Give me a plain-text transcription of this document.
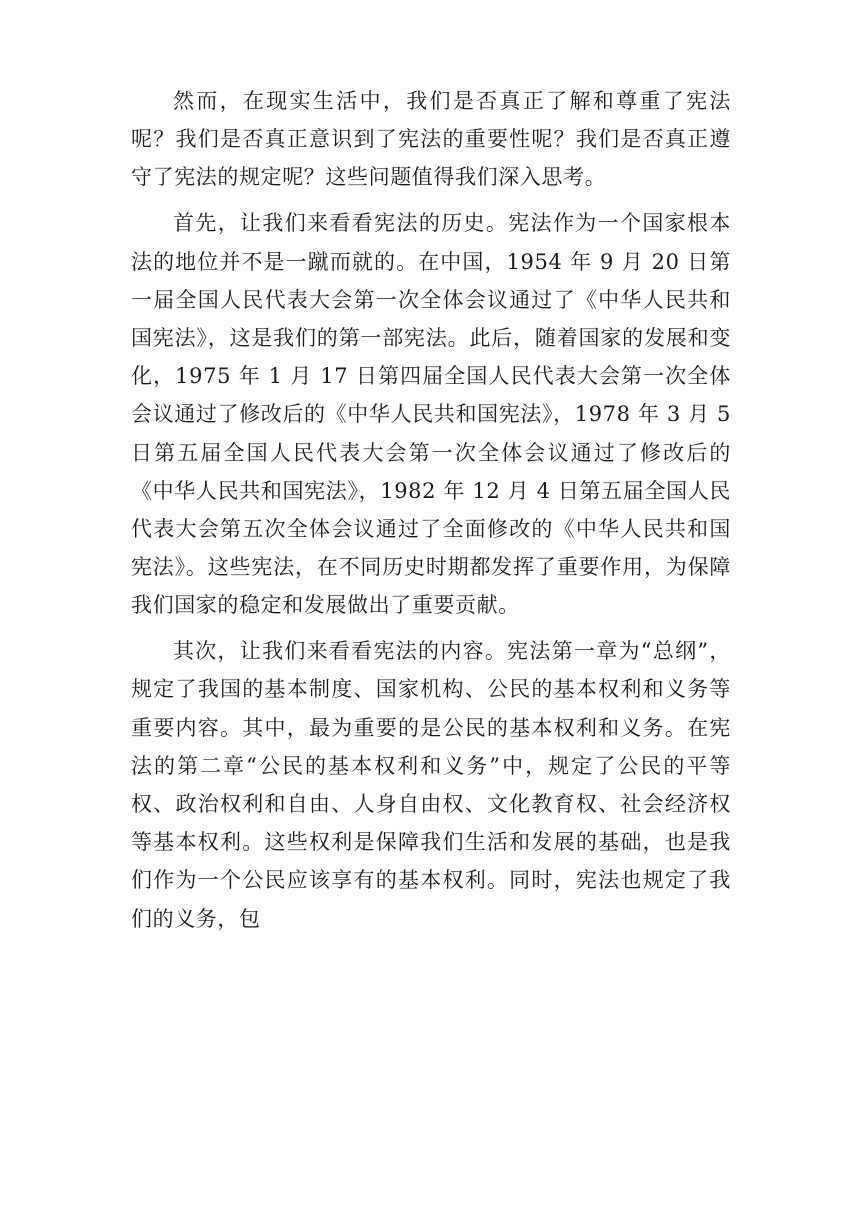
然而，在现实生活中，我们是否真正了解和尊重了宪法呢？我们是否真正意识到了宪法的重要性呢？我们是否真正遵守了宪法的规定呢？这些问题值得我们深入思考。

首先，让我们来看看宪法的历史。宪法作为一个国家根本法的地位并不是一蹴而就的。在中国，1954 年 9 月 20 日第一届全国人民代表大会第一次全体会议通过了《中华人民共和国宪法》，这是我们的第一部宪法。此后，随着国家的发展和变化，1975 年 1 月 17 日第四届全国人民代表大会第一次全体会议通过了修改后的《中华人民共和国宪法》，1978 年 3 月 5 日第五届全国人民代表大会第一次全体会议通过了修改后的《中华人民共和国宪法》，1982 年 12 月 4 日第五届全国人民代表大会第五次全体会议通过了全面修改的《中华人民共和国宪法》。这些宪法，在不同历史时期都发挥了重要作用，为保障我们国家的稳定和发展做出了重要贡献。

其次，让我们来看看宪法的内容。宪法第一章为“总纲”，规定了我国的基本制度、国家机构、公民的基本权利和义务等重要内容。其中，最为重要的是公民的基本权利和义务。在宪法的第二章“公民的基本权利和义务”中，规定了公民的平等权、政治权利和自由、人身自由权、文化教育权、社会经济权等基本权利。这些权利是保障我们生活和发展的基础，也是我们作为一个公民应该享有的基本权利。同时，宪法也规定了我们的义务，包
